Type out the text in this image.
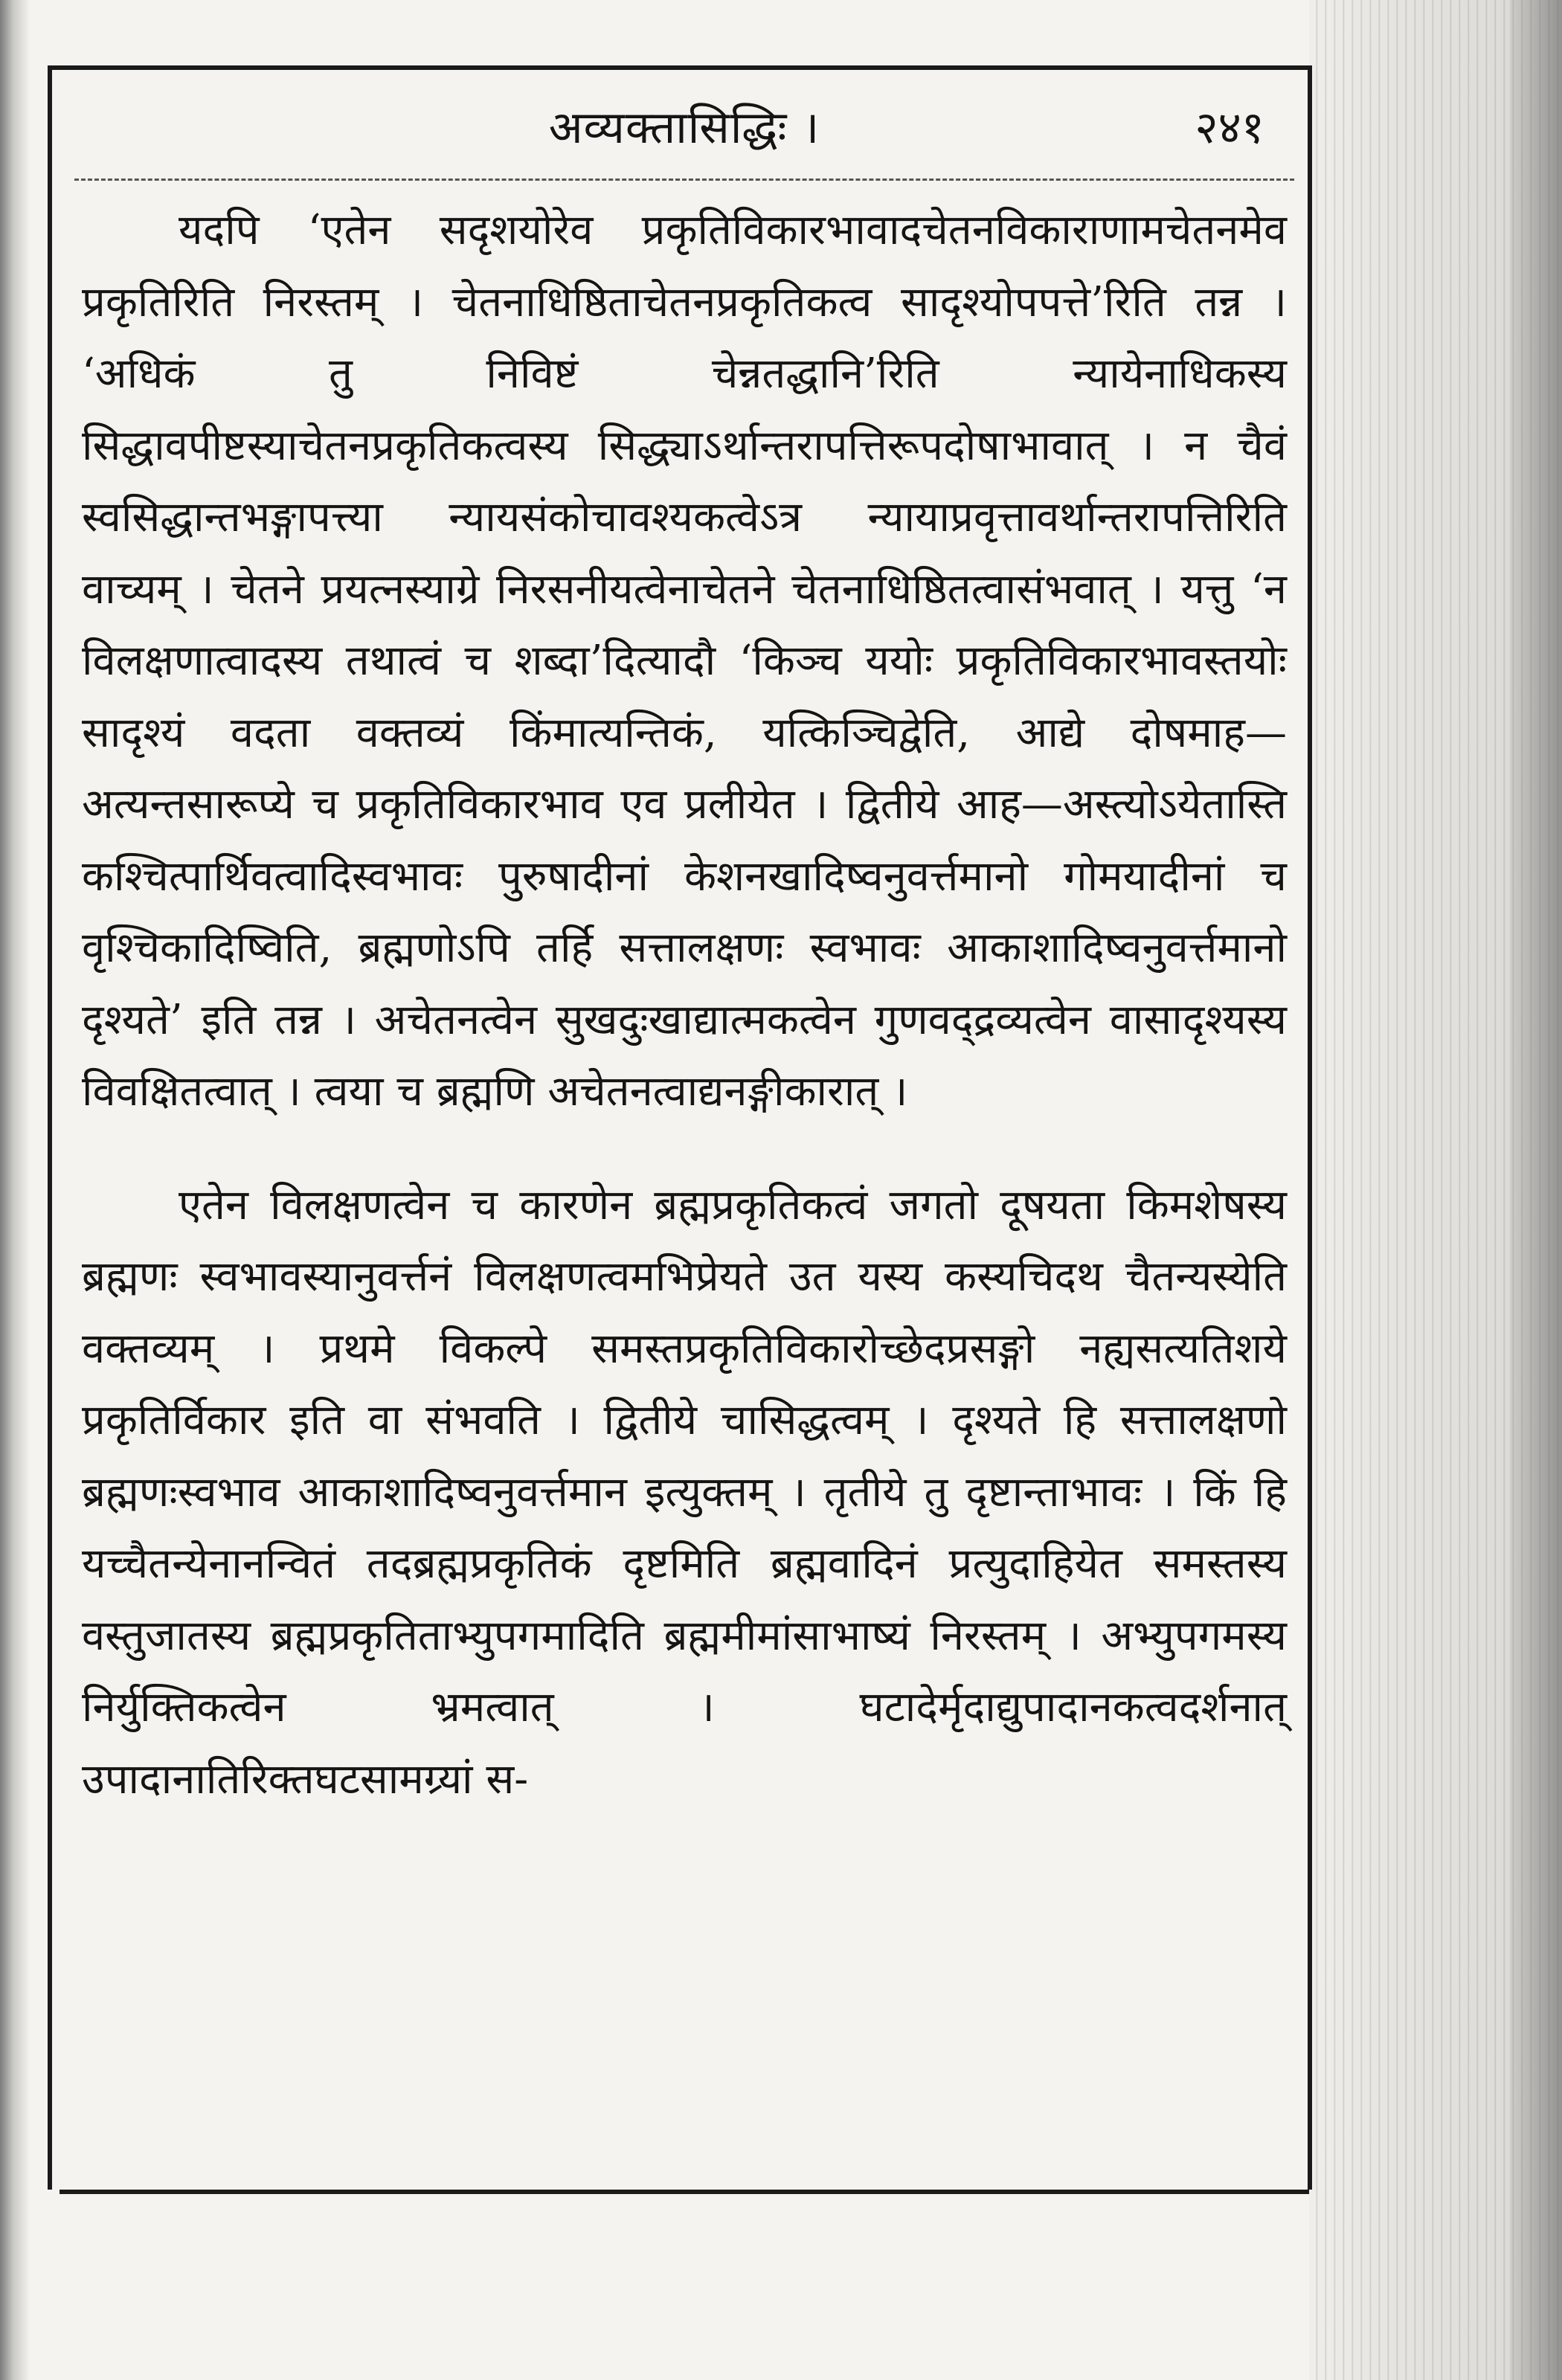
अव्यक्तासिद्धिः ।	२४१

यदपि ‘एतेन सदृशयोरेव प्रकृतिविकारभावादचेतनविकाराणामचेतनमेव प्रकृतिरिति निरस्तम् । चेतनाधिष्ठिताचेतनप्रकृतिकत्व सादृश्योपपत्ते’रिति तन्न । ‘अधिकं तु निविष्टं चेन्नतद्धानि’रिति न्यायेनाधिकस्य सिद्धावपीष्टस्याचेतनप्रकृतिकत्वस्य सिद्ध्याऽर्थान्तरापत्तिरूपदोषाभावात् । न चैवं स्वसिद्धान्तभङ्गापत्त्या न्यायसंकोचावश्यकत्वेऽत्र न्यायाप्रवृत्तावर्थान्तरापत्तिरिति वाच्यम् । चेतने प्रयत्नस्याग्रे निरसनीयत्वेनाचेतने चेतनाधिष्ठितत्वासंभवात् । यत्तु ‘न विलक्षणात्वादस्य तथात्वं च शब्दा’दित्यादौ ‘किञ्च ययोः प्रकृतिविकारभावस्तयोः सादृश्यं वदता वक्तव्यं किंमात्यन्तिकं, यत्किञ्चिद्वेति, आद्ये दोषमाह—अत्यन्तसारूप्ये च प्रकृतिविकारभाव एव प्रलीयेत । द्वितीये आह—अस्त्योऽयेतास्ति कश्चित्पार्थिवत्वादिस्वभावः पुरुषादीनां केशनखादिष्वनुवर्त्तमानो गोमयादीनां च वृश्चिकादिष्विति, ब्रह्मणोऽपि तर्हि सत्तालक्षणः स्वभावः आकाशादिष्वनुवर्त्तमानो दृश्यते’ इति तन्न । अचेतनत्वेन सुखदुःखाद्यात्मकत्वेन गुणवद्द्रव्यत्वेन वासादृश्यस्य विवक्षितत्वात् । त्वया च ब्रह्मणि अचेतनत्वाद्यनङ्गीकारात् ।

एतेन विलक्षणत्वेन च कारणेन ब्रह्मप्रकृतिकत्वं जगतो दूषयता किमशेषस्य ब्रह्मणः स्वभावस्यानुवर्त्तनं विलक्षणत्वमभिप्रेयते उत यस्य कस्यचिदथ चैतन्यस्येति वक्तव्यम् । प्रथमे विकल्पे समस्तप्रकृतिविकारोच्छेदप्रसङ्गो नह्यसत्यतिशये प्रकृतिर्विकार इति वा संभवति । द्वितीये चासिद्धत्वम् । दृश्यते हि सत्तालक्षणो ब्रह्मणःस्वभाव आकाशादिष्वनुवर्त्तमान इत्युक्तम् । तृतीये तु दृष्टान्ताभावः । किं हि यच्चैतन्येनानन्वितं तदब्रह्मप्रकृतिकं दृष्टमिति ब्रह्मवादिनं प्रत्युदाहियेत समस्तस्य वस्तुजातस्य ब्रह्मप्रकृतिताभ्युपगमादिति ब्रह्ममीमांसाभाष्यं निरस्तम् । अभ्युपगमस्य निर्युक्तिकत्वेन भ्रमत्वात् । घटादेर्मृदाद्युपादानकत्वदर्शनात् उपादानातिरिक्तघटसामग्र्यां स-
